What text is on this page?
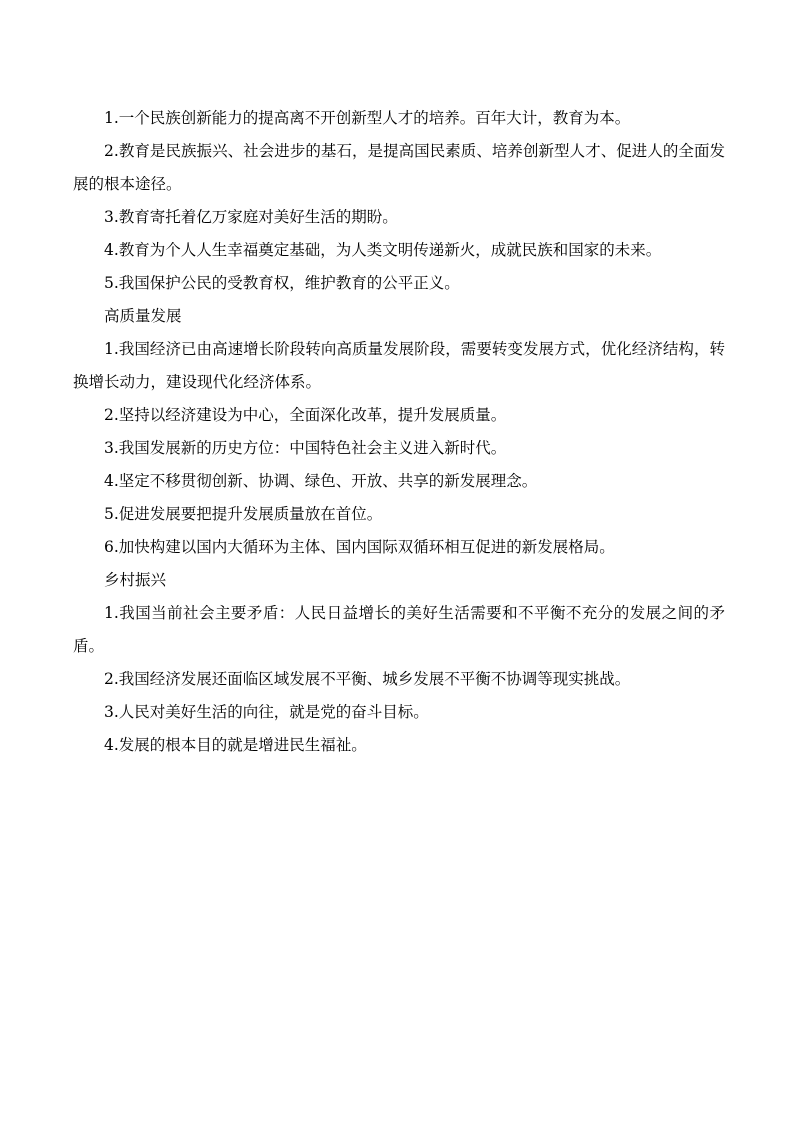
1.一个民族创新能力的提高离不开创新型人才的培养。百年大计，教育为本。

2.教育是民族振兴、社会进步的基石，是提高国民素质、培养创新型人才、促进人的全面发展的根本途径。

3.教育寄托着亿万家庭对美好生活的期盼。

4.教育为个人人生幸福奠定基础，为人类文明传递新火，成就民族和国家的未来。

5.我国保护公民的受教育权，维护教育的公平正义。

高质量发展

1.我国经济已由高速增长阶段转向高质量发展阶段，需要转变发展方式，优化经济结构，转换增长动力，建设现代化经济体系。

2.坚持以经济建设为中心，全面深化改革，提升发展质量。

3.我国发展新的历史方位：中国特色社会主义进入新时代。

4.坚定不移贯彻创新、协调、绿色、开放、共享的新发展理念。

5.促进发展要把提升发展质量放在首位。

6.加快构建以国内大循环为主体、国内国际双循环相互促进的新发展格局。

乡村振兴

1.我国当前社会主要矛盾：人民日益增长的美好生活需要和不平衡不充分的发展之间的矛盾。

2.我国经济发展还面临区域发展不平衡、城乡发展不平衡不协调等现实挑战。

3.人民对美好生活的向往，就是党的奋斗目标。

4.发展的根本目的就是增进民生福祉。
